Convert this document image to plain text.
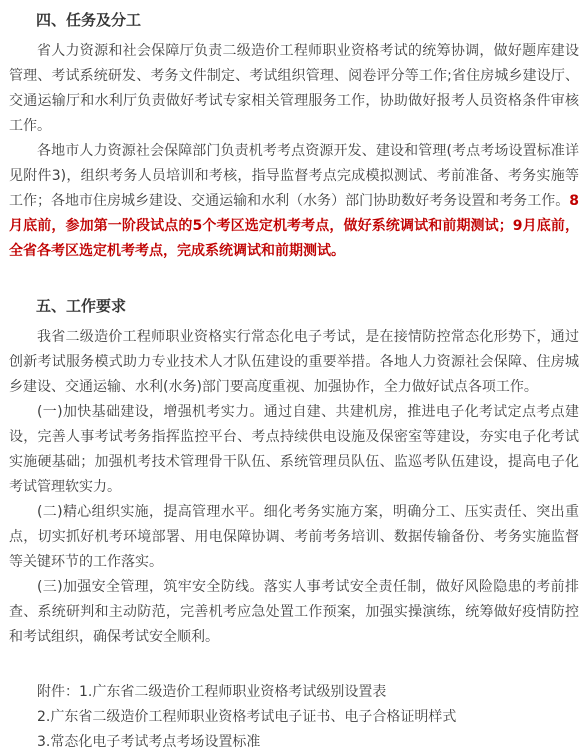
四、任务及分工

省人力资源和社会保障厅负责二级造价工程师职业资格考试的统筹协调，做好题库建设管理、考试系统研发、考务文件制定、考试组织管理、阅卷评分等工作;省住房城乡建设厅、交通运输厅和水利厅负责做好考试专家相关管理服务工作，协助做好报考人员资格条件审核工作。

各地市人力资源社会保障部门负责机考考点资源开发、建设和管理(考点考场设置标准详见附件3)，组织考务人员培训和考核，指导监督考点完成模拟测试、考前准备、考务实施等工作；各地市住房城乡建设、交通运输和水利（水务）部门协助数好考务设置和考务工作。8月底前，参加第一阶段试点的5个考区选定机考考点，做好系统调试和前期测试；9月底前，全省各考区选定机考考点，完成系统调试和前期测试。

五、工作要求

我省二级造价工程师职业资格实行常态化电子考试，是在接情防控常态化形势下，通过创新考试服务模式助力专业技术人才队伍建设的重要举措。各地人力资源社会保障、住房城乡建设、交通运输、水利(水务)部门要高度重视、加强协作，全力做好试点各项工作。

(一)加快基础建设，增强机考实力。通过自建、共建机房，推进电子化考试定点考点建设，完善人事考试考务指挥监控平台、考点持续供电设施及保密室等建设，夯实电子化考试实施硬基础；加强机考技术管理骨干队伍、系统管理员队伍、监巡考队伍建设，提高电子化考试管理软实力。

(二)精心组织实施，提高管理水平。细化考务实施方案，明确分工、压实责任、突出重点，切实抓好机考环境部署、用电保障协调、考前考务培训、数据传输备份、考务实施监督等关键环节的工作落实。

(三)加强安全管理，筑牢安全防线。落实人事考试安全责任制，做好风险隐患的考前排查、系统研判和主动防范，完善机考应急处置工作预案，加强实操演练，统筹做好疫情防控和考试组织，确保考试安全顺利。

附件：1.广东省二级造价工程师职业资格考试级别设置表

2.广东省二级造价工程师职业资格考试电子证书、电子合格证明样式

3.常态化电子考试考点考场设置标准
